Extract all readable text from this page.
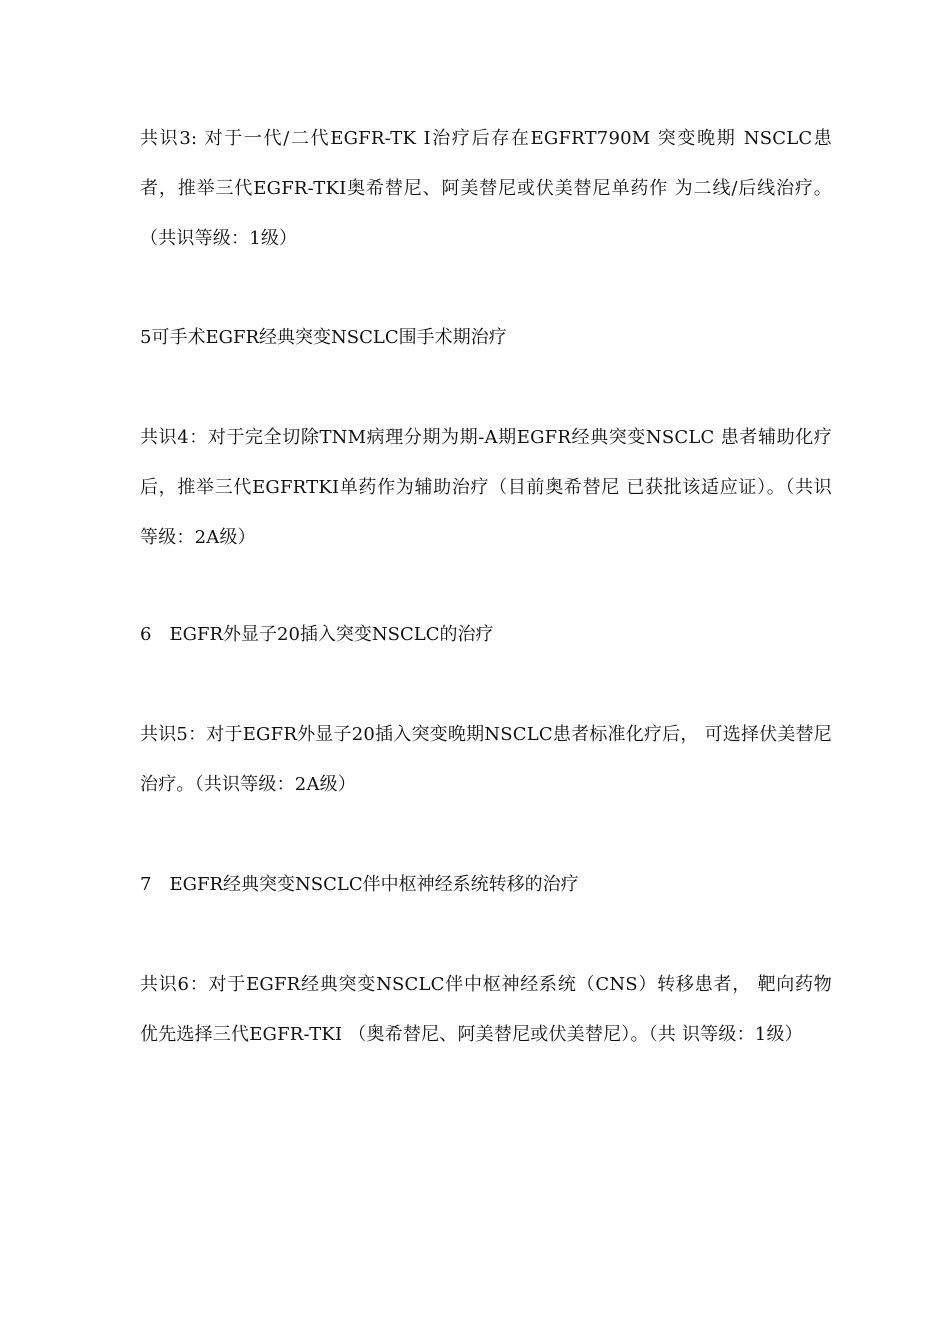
共识3: 对于一代/二代EGFR-TK I治疗后存在EGFRT790M 突变晚期 NSCLC患者，推举三代EGFR-TKI奥希替尼、阿美替尼或伏美替尼单药作 为二线/后线治疗。（共识等级：1级）

5可手术EGFR经典突变NSCLC围手术期治疗

共识4：对于完全切除TNM病理分期为期-A期EGFR经典突变NSCLC 患者辅助化疗后，推举三代EGFRTKI单药作为辅助治疗（目前奥希替尼 已获批该适应证）。（共识等级：2A级）

6　EGFR外显子20插入突变NSCLC的治疗

共识5：对于EGFR外显子20插入突变晚期NSCLC患者标准化疗后， 可选择伏美替尼治疗。（共识等级：2A级）

7　EGFR经典突变NSCLC伴中枢神经系统转移的治疗

共识6：对于EGFR经典突变NSCLC伴中枢神经系统（CNS）转移患者， 靶向药物优先选择三代EGFR-TKI （奥希替尼、阿美替尼或伏美替尼）。（共 识等级：1级）
